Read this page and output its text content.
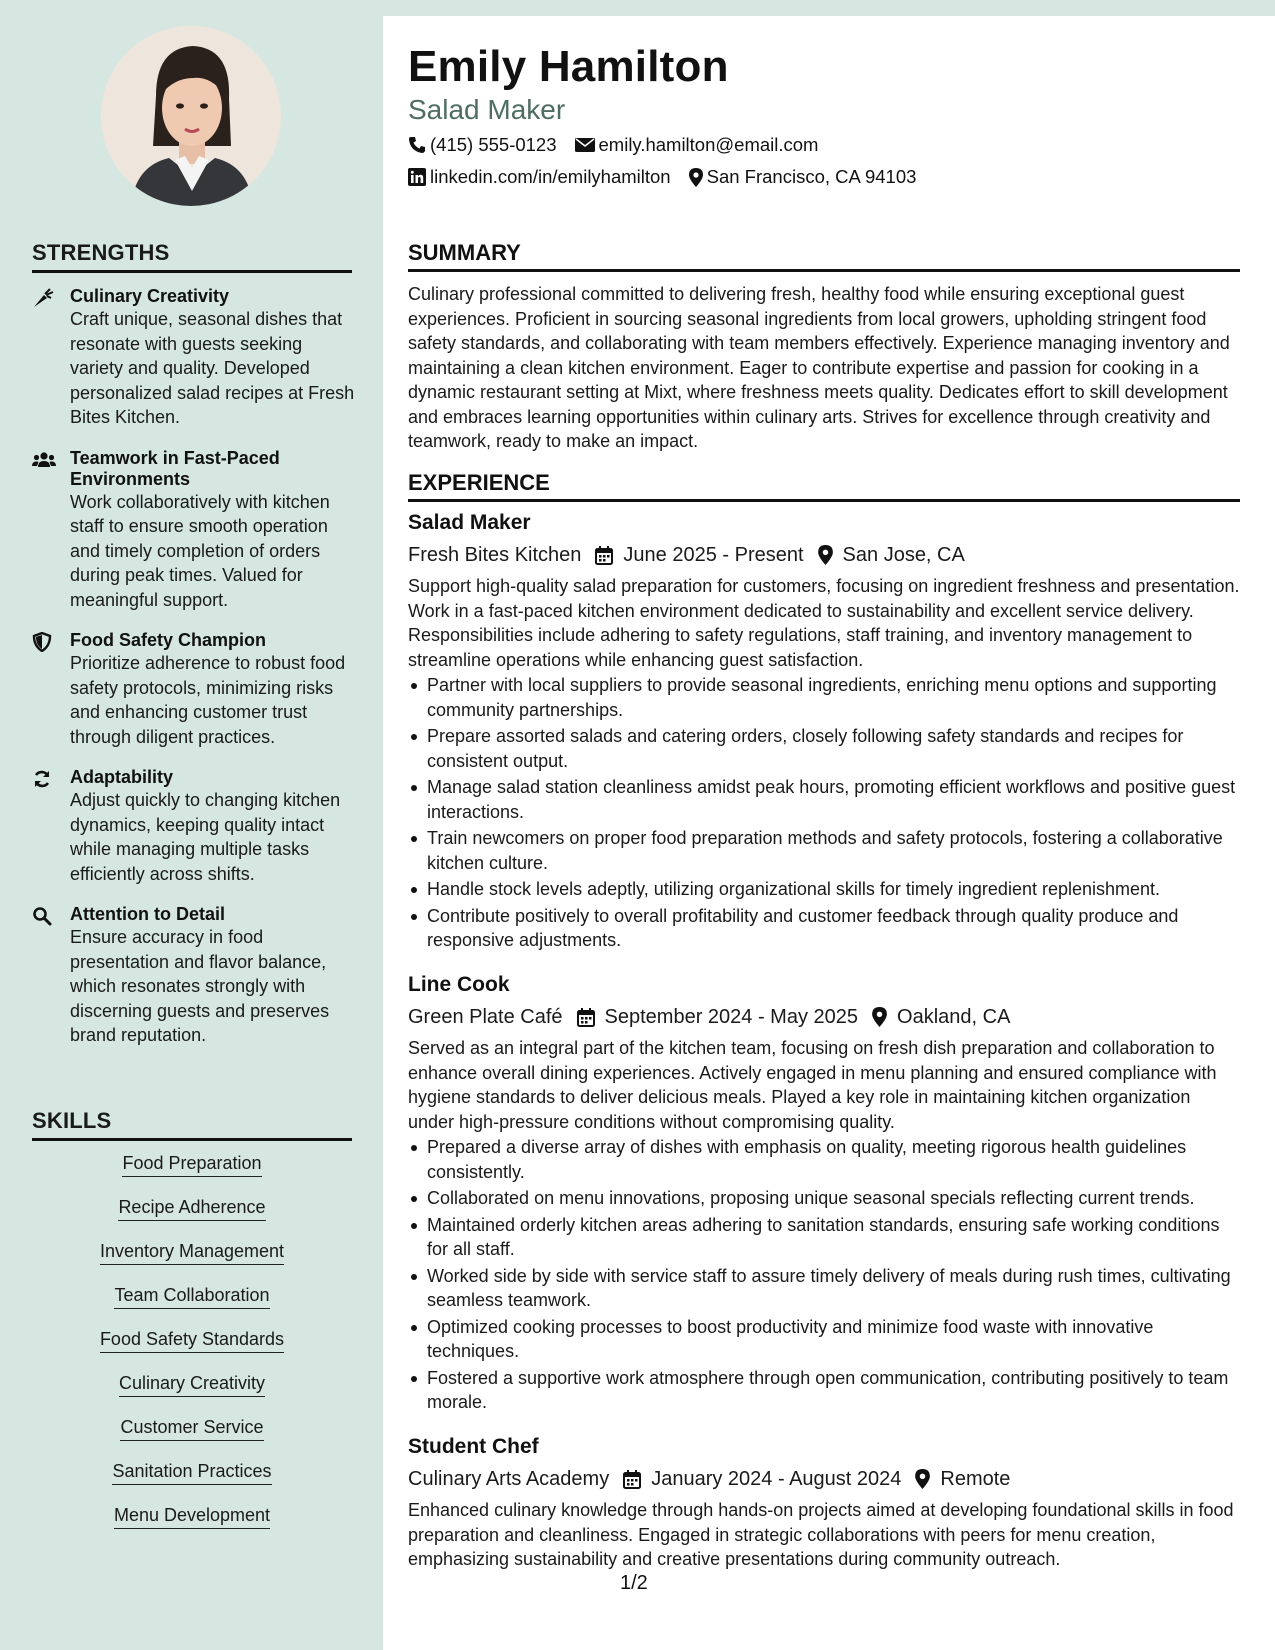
STRENGTHS
Culinary Creativity
Craft unique, seasonal dishes that resonate with guests seeking variety and quality. Developed personalized salad recipes at Fresh Bites Kitchen.
Teamwork in Fast-Paced Environments
Work collaboratively with kitchen staff to ensure smooth operation and timely completion of orders during peak times. Valued for meaningful support.
Food Safety Champion
Prioritize adherence to robust food safety protocols, minimizing risks and enhancing customer trust through diligent practices.
Adaptability
Adjust quickly to changing kitchen dynamics, keeping quality intact while managing multiple tasks efficiently across shifts.
Attention to Detail
Ensure accuracy in food presentation and flavor balance, which resonates strongly with discerning guests and preserves brand reputation.
SKILLS
Food Preparation
Recipe Adherence
Inventory Management
Team Collaboration
Food Safety Standards
Culinary Creativity
Customer Service
Sanitation Practices
Menu Development
Emily Hamilton
Salad Maker
(415) 555-0123 emily.hamilton@email.com
linkedin.com/in/emilyhamilton San Francisco, CA 94103
SUMMARY
Culinary professional committed to delivering fresh, healthy food while ensuring exceptional guest experiences. Proficient in sourcing seasonal ingredients from local growers, upholding stringent food safety standards, and collaborating with team members effectively. Experience managing inventory and maintaining a clean kitchen environment. Eager to contribute expertise and passion for cooking in a dynamic restaurant setting at Mixt, where freshness meets quality. Dedicates effort to skill development and embraces learning opportunities within culinary arts. Strives for excellence through creativity and teamwork, ready to make an impact.
EXPERIENCE
Salad Maker
Fresh Bites Kitchen June 2025 - Present San Jose, CA
Support high-quality salad preparation for customers, focusing on ingredient freshness and presentation. Work in a fast-paced kitchen environment dedicated to sustainability and excellent service delivery. Responsibilities include adhering to safety regulations, staff training, and inventory management to streamline operations while enhancing guest satisfaction.
Partner with local suppliers to provide seasonal ingredients, enriching menu options and supporting community partnerships.
Prepare assorted salads and catering orders, closely following safety standards and recipes for consistent output.
Manage salad station cleanliness amidst peak hours, promoting efficient workflows and positive guest interactions.
Train newcomers on proper food preparation methods and safety protocols, fostering a collaborative kitchen culture.
Handle stock levels adeptly, utilizing organizational skills for timely ingredient replenishment.
Contribute positively to overall profitability and customer feedback through quality produce and responsive adjustments.
Line Cook
Green Plate Café September 2024 - May 2025 Oakland, CA
Served as an integral part of the kitchen team, focusing on fresh dish preparation and collaboration to enhance overall dining experiences. Actively engaged in menu planning and ensured compliance with hygiene standards to deliver delicious meals. Played a key role in maintaining kitchen organization under high-pressure conditions without compromising quality.
Prepared a diverse array of dishes with emphasis on quality, meeting rigorous health guidelines consistently.
Collaborated on menu innovations, proposing unique seasonal specials reflecting current trends.
Maintained orderly kitchen areas adhering to sanitation standards, ensuring safe working conditions for all staff.
Worked side by side with service staff to assure timely delivery of meals during rush times, cultivating seamless teamwork.
Optimized cooking processes to boost productivity and minimize food waste with innovative techniques.
Fostered a supportive work atmosphere through open communication, contributing positively to team morale.
Student Chef
Culinary Arts Academy January 2024 - August 2024 Remote
Enhanced culinary knowledge through hands-on projects aimed at developing foundational skills in food preparation and cleanliness. Engaged in strategic collaborations with peers for menu creation, emphasizing sustainability and creative presentations during community outreach.
1/2
